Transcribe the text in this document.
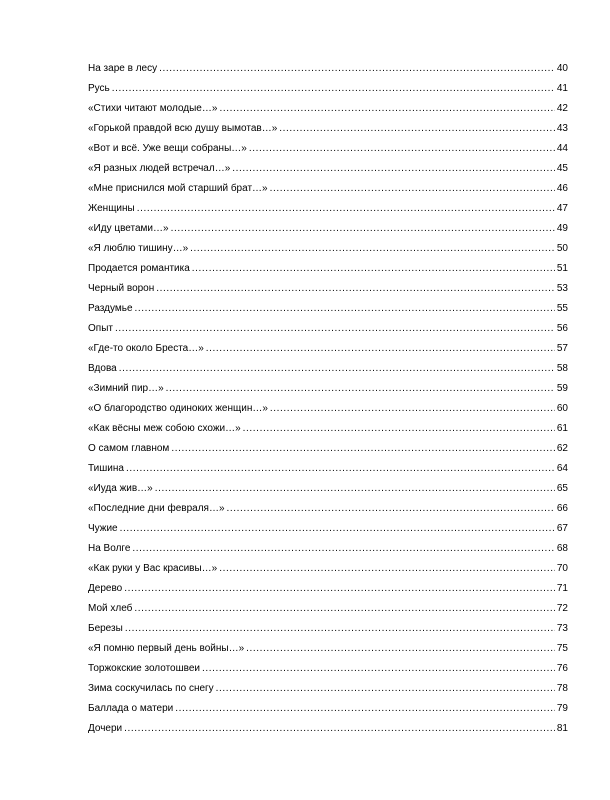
На заре в лесу .....	40
Русь .....	41
«Стихи читают молодые…» .....	42
«Горькой правдой всю душу вымотав…» .....	43
«Вот и всё. Уже вещи собраны…» .....	44
«Я разных людей встречал…» .....	45
«Мне приснился мой старший брат…» .....	46
Женщины .....	47
«Иду цветами…» .....	49
«Я люблю тишину…» .....	50
Продается романтика .....	51
Черный ворон .....	53
Раздумье .....	55
Опыт .....	56
«Где-то около Бреста…» .....	57
Вдова .....	58
«Зимний пир…» .....	59
«О благородство одиноких женщин…» .....	60
«Как вёсны меж собою схожи…» .....	61
О самом главном .....	62
Тишина .....	64
«Иуда жив…» .....	65
«Последние дни февраля…» .....	66
Чужие .....	67
На Волге .....	68
«Как руки у Вас красивы…» .....	70
Дерево .....	71
Мой хлеб .....	72
Березы .....	73
«Я помню первый день войны…» .....	75
Торжокские золотошвеи .....	76
Зима соскучилась по снегу .....	78
Баллада о матери .....	79
Дочери .....	81
